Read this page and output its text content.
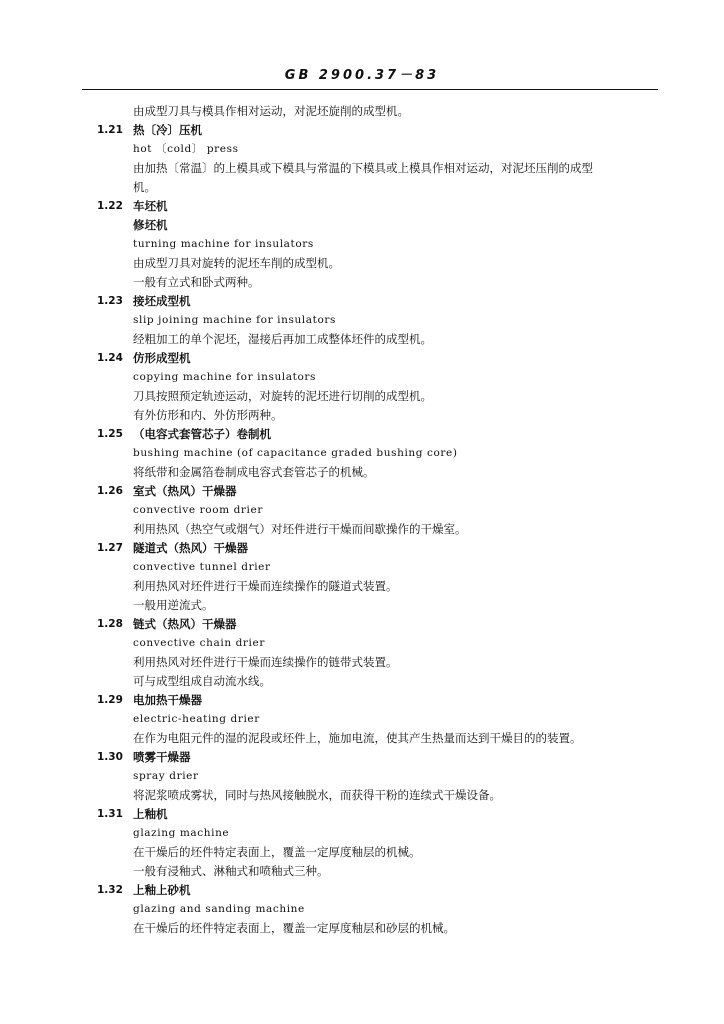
GB 2900.37－83
由成型刀具与模具作相对运动，对泥坯旋削的成型机。
1.21 热〔冷〕压机
hot 〔cold〕 press
由加热〔常温〕的上模具或下模具与常温的下模具或上模具作相对运动，对泥坯压削的成型
机。
1.22 车坯机
修坯机
turning machine for insulators
由成型刀具对旋转的泥坯车削的成型机。
一般有立式和卧式两种。
1.23 接坯成型机
slip joining machine for insulators
经粗加工的单个泥坯，湿接后再加工成整体坯件的成型机。
1.24 仿形成型机
copying machine for insulators
刀具按照预定轨迹运动，对旋转的泥坯进行切削的成型机。
有外仿形和内、外仿形两种。
1.25 （电容式套管芯子）卷制机
bushing machine (of capacitance graded bushing core)
将纸带和金属箔卷制成电容式套管芯子的机械。
1.26 室式（热风）干燥器
convective room drier
利用热风（热空气或烟气）对坯件进行干燥而间歇操作的干燥室。
1.27 隧道式（热风）干燥器
convective tunnel drier
利用热风对坯件进行干燥而连续操作的隧道式装置。
一般用逆流式。
1.28 链式（热风）干燥器
convective chain drier
利用热风对坯件进行干燥而连续操作的链带式装置。
可与成型组成自动流水线。
1.29 电加热干燥器
electric-heating drier
在作为电阻元件的湿的泥段或坯件上，施加电流，使其产生热量而达到干燥目的的装置。
1.30 喷雾干燥器
spray drier
将泥浆喷成雾状，同时与热风接触脱水，而获得干粉的连续式干燥设备。
1.31 上釉机
glazing machine
在干燥后的坯件特定表面上，覆盖一定厚度釉层的机械。
一般有浸釉式、淋釉式和喷釉式三种。
1.32 上釉上砂机
glazing and sanding machine
在干燥后的坯件特定表面上，覆盖一定厚度釉层和砂层的机械。
